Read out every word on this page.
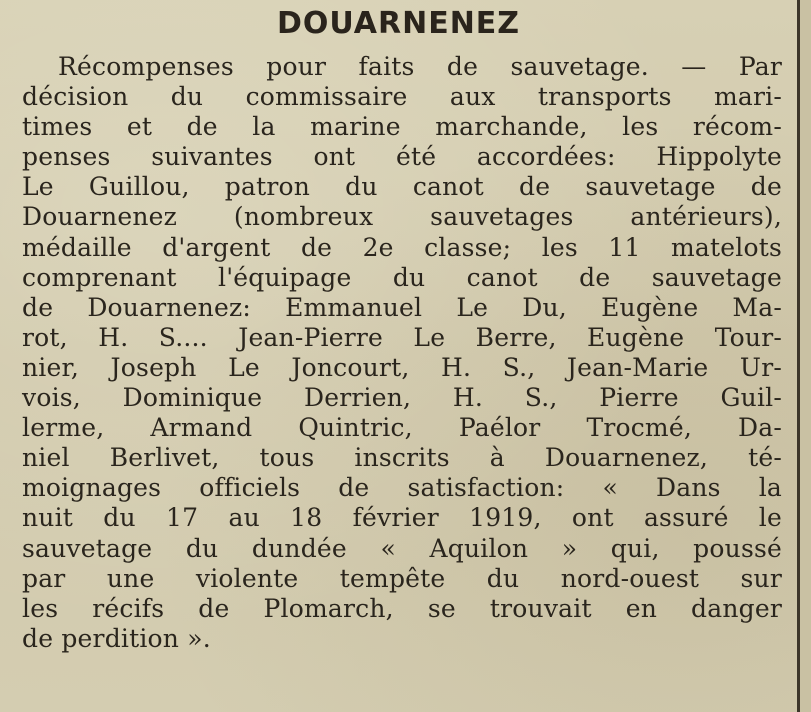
DOUARNENEZ
Récompenses pour faits de sauvetage. — Par
décision du commissaire aux transports mari-
times et de la marine marchande, les récom-
penses suivantes ont été accordées: Hippolyte
Le Guillou, patron du canot de sauvetage de
Douarnenez (nombreux sauvetages antérieurs),
médaille d'argent de 2e classe; les 11 matelots
comprenant l'équipage du canot de sauvetage
de Douarnenez: Emmanuel Le Du, Eugène Ma-
rot, H. S.... Jean-Pierre Le Berre, Eugène Tour-
nier, Joseph Le Joncourt, H. S., Jean-Marie Ur-
vois, Dominique Derrien, H. S., Pierre Guil-
lerme, Armand Quintric, Paélor Trocmé, Da-
niel Berlivet, tous inscrits à Douarnenez, té-
moignages officiels de satisfaction: « Dans la
nuit du 17 au 18 février 1919, ont assuré le
sauvetage du dundée « Aquilon » qui, poussé
par une violente tempête du nord-ouest sur
les récifs de Plomarch, se trouvait en danger
de perdition ».
